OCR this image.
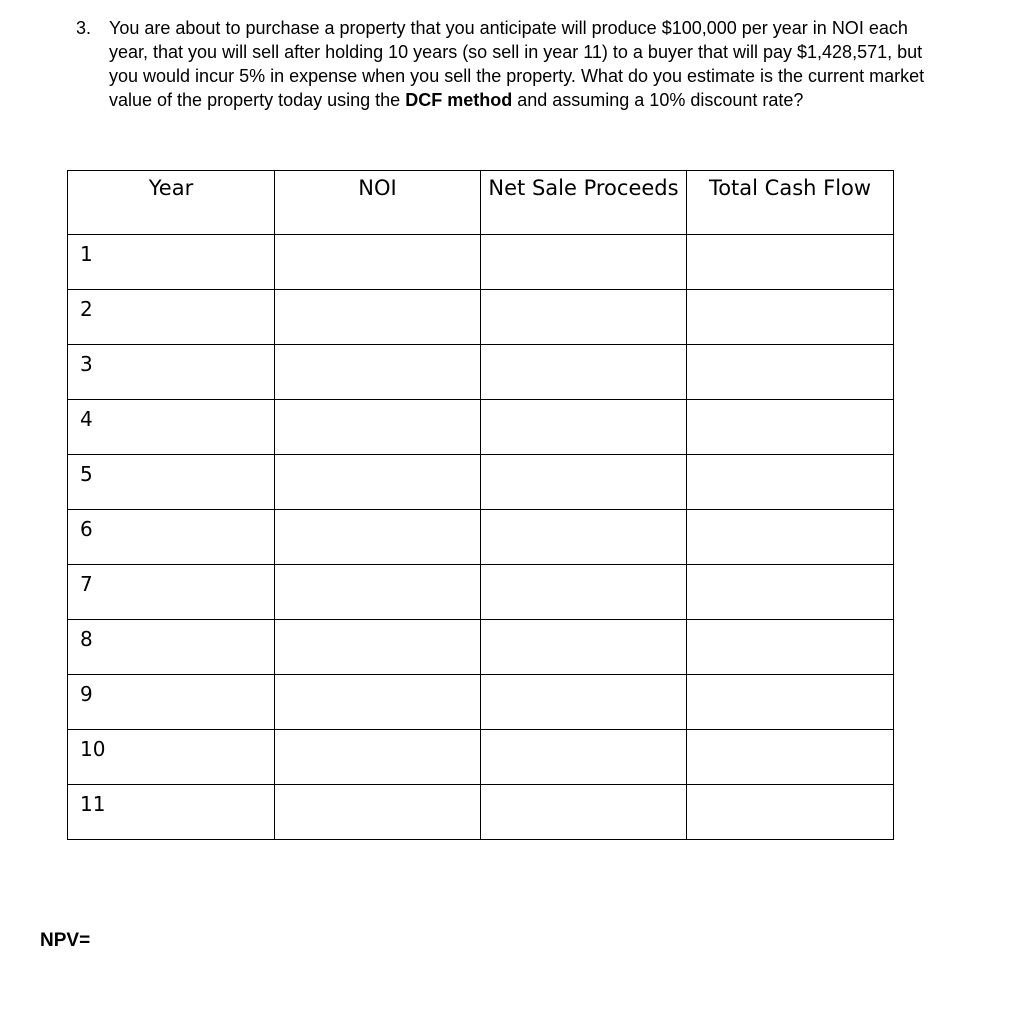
3. You are about to purchase a property that you anticipate will produce $100,000 per year in NOI each year, that you will sell after holding 10 years (so sell in year 11) to a buyer that will pay $1,428,571, but you would incur 5% in expense when you sell the property. What do you estimate is the current market value of the property today using the DCF method and assuming a 10% discount rate?
Year	NOI	Net Sale Proceeds	Total Cash Flow
1			
2			
3			
4			
5			
6			
7			
8			
9			
10			
11			
NPV=
